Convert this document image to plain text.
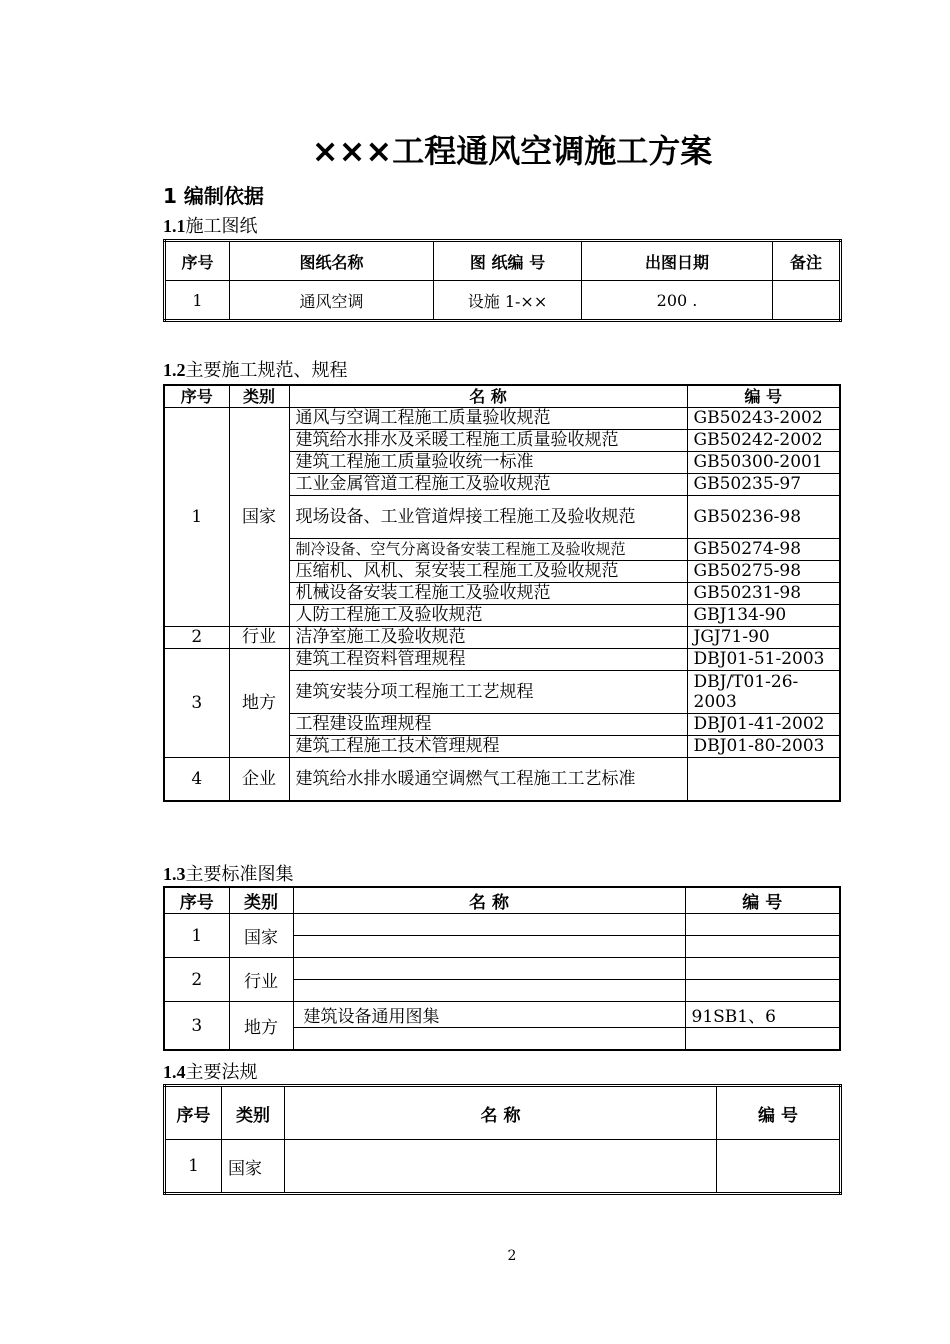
×××工程通风空调施工方案
1 编制依据
1.1施工图纸
序号	图纸名称	图 纸编 号	出图日期	备注
1	通风空调	设施 1-××	200 .	
1.2主要施工规范、规程
序号	类别	名 称	编 号
1	国家	通风与空调工程施工质量验收规范	GB50243-2002
		建筑给水排水及采暖工程施工质量验收规范	GB50242-2002
		建筑工程施工质量验收统一标准	GB50300-2001
		工业金属管道工程施工及验收规范	GB50235-97
		现场设备、工业管道焊接工程施工及验收规范	GB50236-98
		制冷设备、空气分离设备安装工程施工及验收规范	GB50274-98
		压缩机、风机、泵安装工程施工及验收规范	GB50275-98
		机械设备安装工程施工及验收规范	GB50231-98
		人防工程施工及验收规范	GBJ134-90
2	行业	洁净室施工及验收规范	JGJ71-90
3	地方	建筑工程资料管理规程	DBJ01-51-2003
		建筑安装分项工程施工工艺规程	DBJ/T01-26-2003
		工程建设监理规程	DBJ01-41-2002
		建筑工程施工技术管理规程	DBJ01-80-2003
4	企业	建筑给水排水暖通空调燃气工程施工工艺标准	
1.3主要标准图集
序号	类别	名 称	编 号
1	国家		

2	行业		

3	地方	建筑设备通用图集	91SB1、6

1.4主要法规
序号	类别	名 称	编 号
1	国家		
2
